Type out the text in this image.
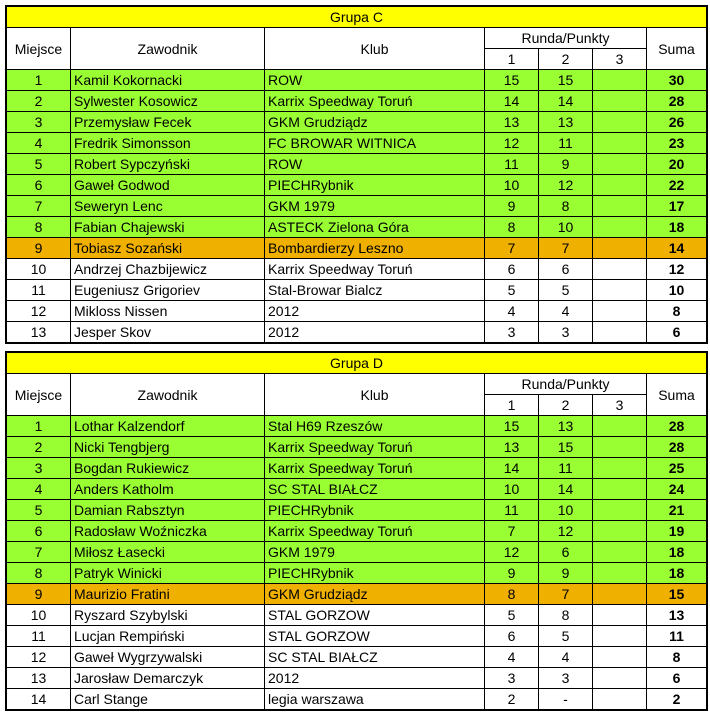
Grupa C						
Miejsce	Zawodnik	Klub	Runda/Punkty			Suma
			1	2	3	
1	Kamil Kokornacki	ROW	15	15		30
2	Sylwester Kosowicz	Karrix Speedway Toruń	14	14		28
3	Przemysław Fecek	GKM Grudziądz	13	13		26
4	Fredrik Simonsson	FC BROWAR WITNICA	12	11		23
5	Robert Sypczyński	ROW	11	9		20
6	Gaweł Godwod	PIECHRybnik	10	12		22
7	Seweryn Lenc	GKM 1979	9	8		17
8	Fabian Chajewski	ASTECK Zielona Góra	8	10		18
9	Tobiasz Sozański	Bombardierzy Leszno	7	7		14
10	Andrzej Chazbijewicz	Karrix Speedway Toruń	6	6		12
11	Eugeniusz Grigoriev	Stal-Browar Bialcz	5	5		10
12	Mikloss Nissen	2012	4	4		8
13	Jesper Skov	2012	3	3		6
Grupa D						
Miejsce	Zawodnik	Klub	Runda/Punkty			Suma
			1	2	3	
1	Lothar Kalzendorf	Stal H69 Rzeszów	15	13		28
2	Nicki Tengbjerg	Karrix Speedway Toruń	13	15		28
3	Bogdan Rukiewicz	Karrix Speedway Toruń	14	11		25
4	Anders Katholm	SC STAL BIAŁCZ	10	14		24
5	Damian Rabsztyn	PIECHRybnik	11	10		21
6	Radosław Woźniczka	Karrix Speedway Toruń	7	12		19
7	Miłosz Łasecki	GKM 1979	12	6		18
8	Patryk Winicki	PIECHRybnik	9	9		18
9	Maurizio Fratini	GKM Grudziądz	8	7		15
10	Ryszard Szybylski	STAL GORZOW	5	8		13
11	Lucjan Rempiński	STAL GORZOW	6	5		11
12	Gaweł Wygrzywalski	SC STAL BIAŁCZ	4	4		8
13	Jarosław Demarczyk	2012	3	3		6
14	Carl Stange	legia warszawa	2	-		2
